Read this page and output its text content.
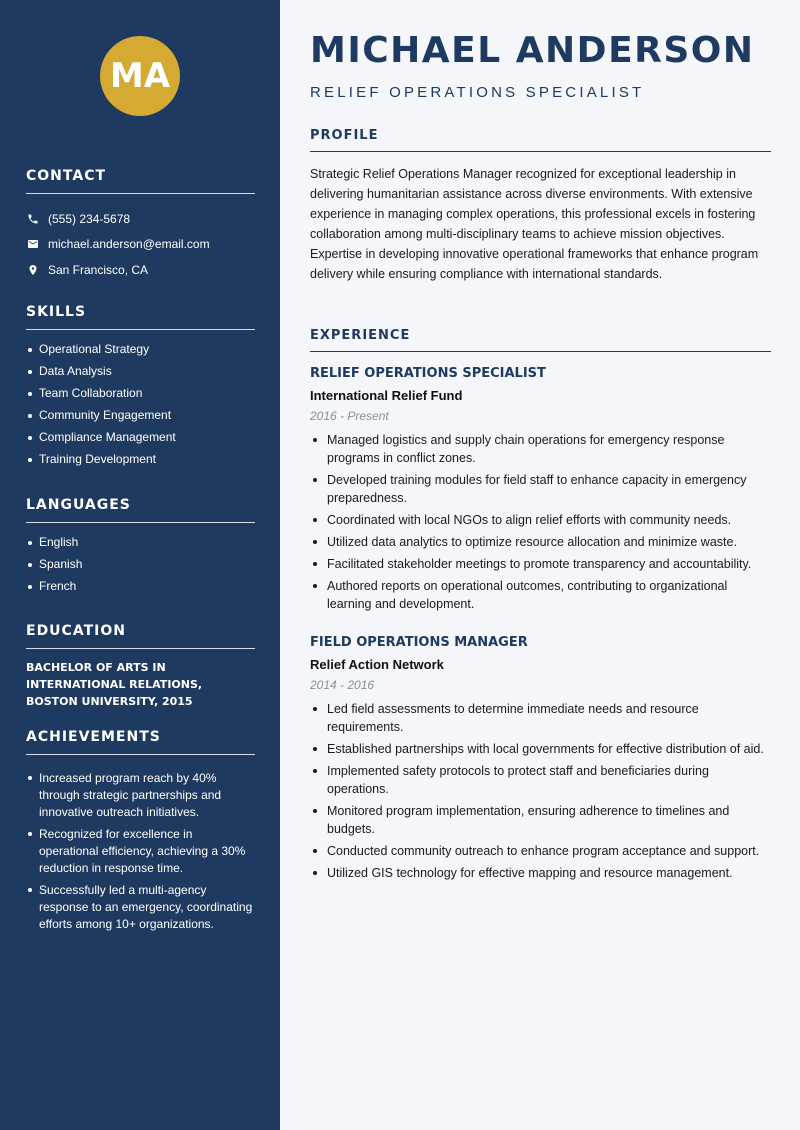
MA
CONTACT
(555) 234-5678
michael.anderson@email.com
San Francisco, CA
SKILLS
Operational Strategy
Data Analysis
Team Collaboration
Community Engagement
Compliance Management
Training Development
LANGUAGES
English
Spanish
French
EDUCATION

BACHELOR OF ARTS IN INTERNATIONAL RELATIONS, BOSTON UNIVERSITY, 2015

ACHIEVEMENTS
Increased program reach by 40% through strategic partnerships and innovative outreach initiatives.
Recognized for excellence in operational efficiency, achieving a 30% reduction in response time.
Successfully led a multi-agency response to an emergency, coordinating efforts among 10+ organizations.
MICHAEL ANDERSON
RELIEF OPERATIONS SPECIALIST
PROFILE

Strategic Relief Operations Manager recognized for exceptional leadership in delivering humanitarian assistance across diverse environments. With extensive experience in managing complex operations, this professional excels in fostering collaboration among multi-disciplinary teams to achieve mission objectives. Expertise in developing innovative operational frameworks that enhance program delivery while ensuring compliance with international standards.

EXPERIENCE
RELIEF OPERATIONS SPECIALIST
International Relief Fund
2016 - Present
Managed logistics and supply chain operations for emergency response programs in conflict zones.
Developed training modules for field staff to enhance capacity in emergency preparedness.
Coordinated with local NGOs to align relief efforts with community needs.
Utilized data analytics to optimize resource allocation and minimize waste.
Facilitated stakeholder meetings to promote transparency and accountability.
Authored reports on operational outcomes, contributing to organizational learning and development.
FIELD OPERATIONS MANAGER
Relief Action Network
2014 - 2016
Led field assessments to determine immediate needs and resource requirements.
Established partnerships with local governments for effective distribution of aid.
Implemented safety protocols to protect staff and beneficiaries during operations.
Monitored program implementation, ensuring adherence to timelines and budgets.
Conducted community outreach to enhance program acceptance and support.
Utilized GIS technology for effective mapping and resource management.
